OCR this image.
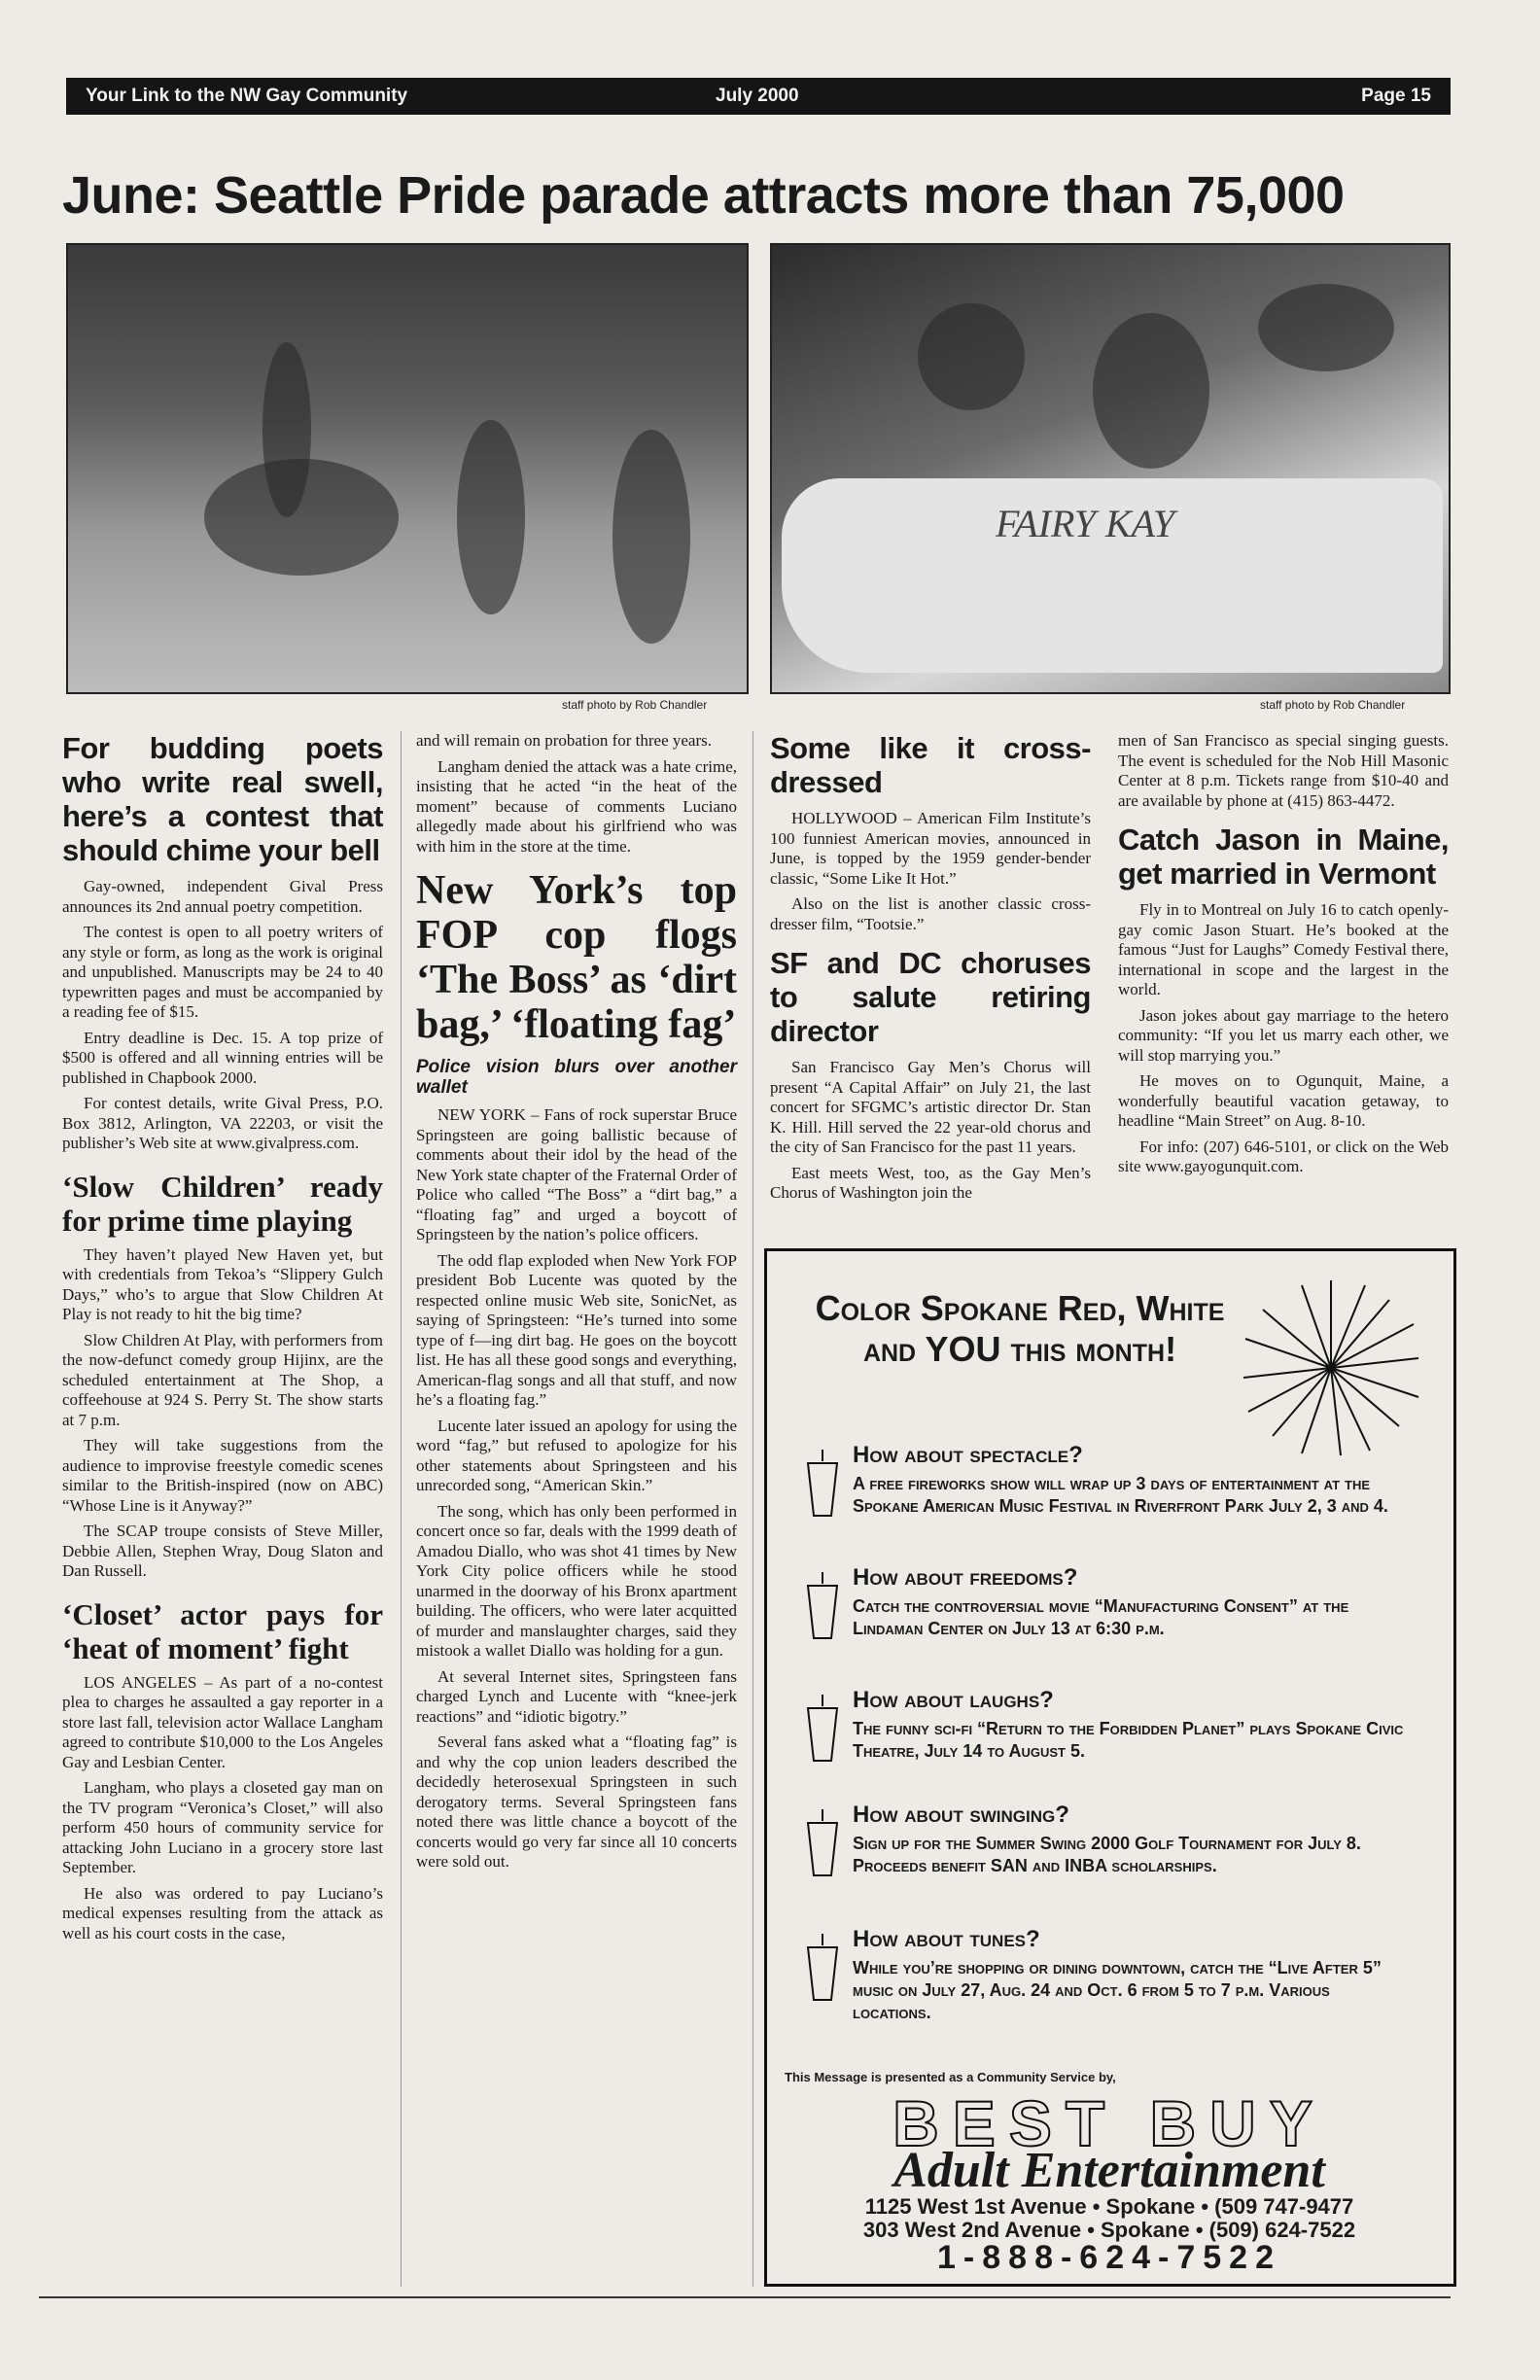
Your Link to the NW Gay Community	July 2000	Page 15
June: Seattle Pride parade attracts more than 75,000
staff photo by Rob Chandler
FAIRY KAY
staff photo by Rob Chandler
For budding poets who write real swell, here’s a contest that should chime your bell

Gay-owned, independent Gival Press announces its 2nd annual poetry competition.

The contest is open to all poetry writers of any style or form, as long as the work is original and unpublished. Manuscripts may be 24 to 40 typewritten pages and must be accompanied by a reading fee of $15.

Entry deadline is Dec. 15. A top prize of $500 is offered and all winning entries will be published in Chapbook 2000.

For contest details, write Gival Press, P.O. Box 3812, Arlington, VA 22203, or visit the publisher’s Web site at www.givalpress.com.

‘Slow Children’ ready for prime time playing

They haven’t played New Haven yet, but with credentials from Tekoa’s “Slippery Gulch Days,” who’s to argue that Slow Children At Play is not ready to hit the big time?

Slow Children At Play, with performers from the now-defunct comedy group Hijinx, are the scheduled entertainment at The Shop, a coffeehouse at 924 S. Perry St. The show starts at 7 p.m.

They will take suggestions from the audience to improvise freestyle comedic scenes similar to the British-inspired (now on ABC) “Whose Line is it Anyway?”

The SCAP troupe consists of Steve Miller, Debbie Allen, Stephen Wray, Doug Slaton and Dan Russell.

‘Closet’ actor pays for ‘heat of moment’ fight

LOS ANGELES – As part of a no-contest plea to charges he assaulted a gay reporter in a store last fall, television actor Wallace Langham agreed to contribute $10,000 to the Los Angeles Gay and Lesbian Center.

Langham, who plays a closeted gay man on the TV program “Veronica’s Closet,” will also perform 450 hours of community service for attacking John Luciano in a grocery store last September.

He also was ordered to pay Luciano’s medical expenses resulting from the attack as well as his court costs in the case,

and will remain on probation for three years.

Langham denied the attack was a hate crime, insisting that he acted “in the heat of the moment” because of comments Luciano allegedly made about his girlfriend who was with him in the store at the time.

New York’s top FOP cop flogs ‘The Boss’ as ‘dirt bag,’ ‘floating fag’
Police vision blurs over another wallet

NEW YORK – Fans of rock superstar Bruce Springsteen are going ballistic because of comments about their idol by the head of the New York state chapter of the Fraternal Order of Police who called “The Boss” a “dirt bag,” a “floating fag” and urged a boycott of Springsteen by the nation’s police officers.

The odd flap exploded when New York FOP president Bob Lucente was quoted by the respected online music Web site, SonicNet, as saying of Springsteen: “He’s turned into some type of f—ing dirt bag. He goes on the boycott list. He has all these good songs and everything, American-flag songs and all that stuff, and now he’s a floating fag.”

Lucente later issued an apology for using the word “fag,” but refused to apologize for his other statements about Springsteen and his unrecorded song, “American Skin.”

The song, which has only been performed in concert once so far, deals with the 1999 death of Amadou Diallo, who was shot 41 times by New York City police officers while he stood unarmed in the doorway of his Bronx apartment building. The officers, who were later acquitted of murder and manslaughter charges, said they mistook a wallet Diallo was holding for a gun.

At several Internet sites, Springsteen fans charged Lynch and Lucente with “knee-jerk reactions” and “idiotic bigotry.”

Several fans asked what a “floating fag” is and why the cop union leaders described the decidedly heterosexual Springsteen in such derogatory terms. Several Springsteen fans noted there was little chance a boycott of the concerts would go very far since all 10 concerts were sold out.

Some like it cross-dressed

HOLLYWOOD – American Film Institute’s 100 funniest American movies, announced in June, is topped by the 1959 gender-bender classic, “Some Like It Hot.”

Also on the list is another classic cross-dresser film, “Tootsie.”

SF and DC choruses to salute retiring director

San Francisco Gay Men’s Chorus will present “A Capital Affair” on July 21, the last concert for SFGMC’s artistic director Dr. Stan K. Hill. Hill served the 22 year-old chorus and the city of San Francisco for the past 11 years.

East meets West, too, as the Gay Men’s Chorus of Washington join the

men of San Francisco as special singing guests. The event is scheduled for the Nob Hill Masonic Center at 8 p.m. Tickets range from $10-40 and are available by phone at (415) 863-4472.

Catch Jason in Maine, get married in Vermont

Fly in to Montreal on July 16 to catch openly-gay comic Jason Stuart. He’s booked at the famous “Just for Laughs” Comedy Festival there, international in scope and the largest in the world.

Jason jokes about gay marriage to the hetero community: “If you let us marry each other, we will stop marrying you.”

He moves on to Ogunquit, Maine, a wonderfully beautiful vacation getaway, to headline “Main Street” on Aug. 8-10.

For info: (207) 646-5101, or click on the Web site www.gayogunquit.com.

Color Spokane Red, White and YOU this month!
How about spectacle?
A free fireworks show will wrap up 3 days of entertainment at the Spokane American Music Festival in Riverfront Park July 2, 3 and 4.
How about freedoms?
Catch the controversial movie “Manufacturing Consent” at the Lindaman Center on July 13 at 6:30 p.m.
How about laughs?
The funny sci-fi “Return to the Forbidden Planet” plays Spokane Civic Theatre, July 14 to August 5.
How about swinging?
Sign up for the Summer Swing 2000 Golf Tournament for July 8. Proceeds benefit SAN and INBA scholarships.
How about tunes?
While you’re shopping or dining downtown, catch the “Live After 5” music on July 27, Aug. 24 and Oct. 6 from 5 to 7 p.m. Various locations.
This Message is presented as a Community Service by,
BEST BUY
Adult Entertainment
1125 West 1st Avenue • Spokane • (509 747-9477
303 West 2nd Avenue • Spokane • (509) 624-7522
1-888-624-7522
